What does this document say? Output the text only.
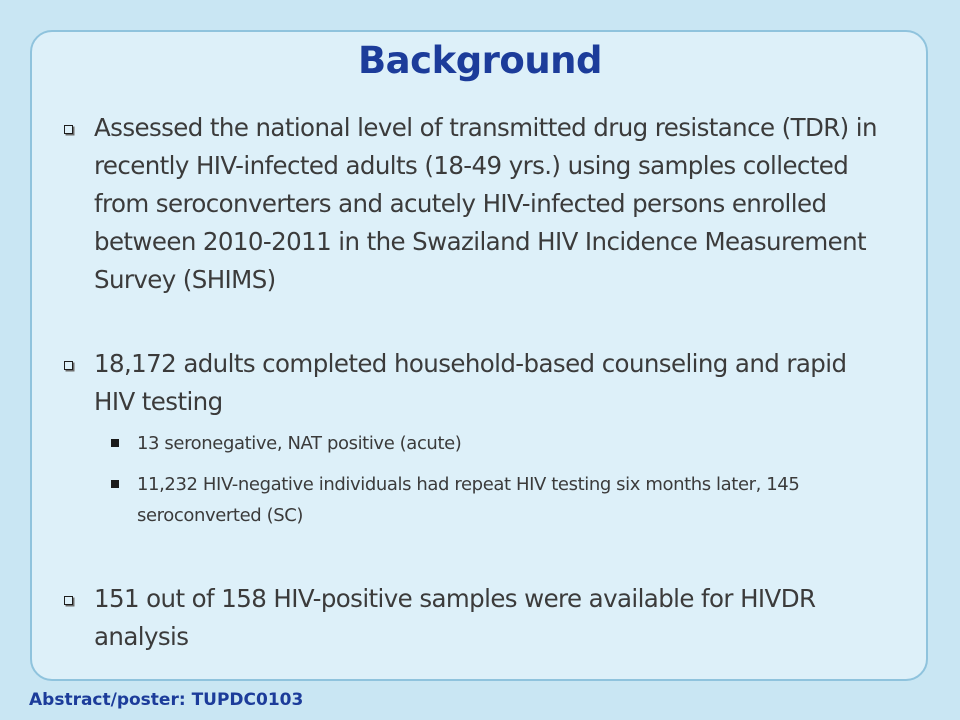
Background
Assessed the national level of transmitted drug resistance (TDR) in recently HIV-infected adults (18-49 yrs.) using samples collected from seroconverters and acutely HIV-infected persons enrolled between 2010-2011 in the Swaziland HIV Incidence Measurement Survey (SHIMS)
18,172 adults completed household-based counseling and rapid HIV testing
13 seronegative, NAT positive (acute)
11,232 HIV-negative individuals had repeat HIV testing six months later, 145 seroconverted (SC)
151 out of 158 HIV-positive samples were available for HIVDR analysis
Abstract/poster: TUPDC0103
